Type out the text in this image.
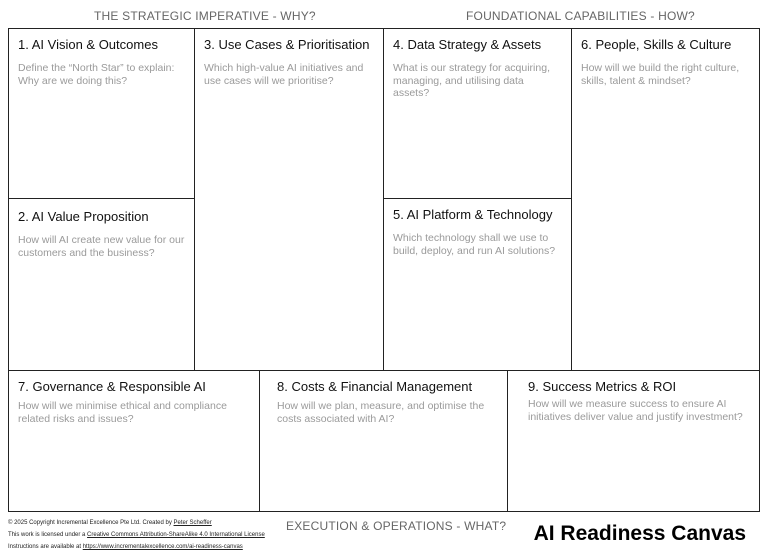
THE STRATEGIC IMPERATIVE - WHY?	FOUNDATIONAL CAPABILITIES - HOW?
1. AI Vision & Outcomes

Define the “North Star” to explain: Why are we doing this?

2. AI Value Proposition

How will AI create new value for our customers and the business?

3. Use Cases & Prioritisation

Which high-value AI initiatives and use cases will we prioritise?

4. Data Strategy & Assets

What is our strategy for acquiring, managing, and utilising data assets?

5. AI Platform & Technology

Which technology shall we use to build, deploy, and run AI solutions?

6. People, Skills & Culture

How will we build the right culture, skills, talent & mindset?

7. Governance & Responsible AI

How will we minimise ethical and compliance related risks and issues?

8. Costs & Financial Management

How will we plan, measure, and optimise the costs associated with AI?

9. Success Metrics & ROI

How will we measure success to ensure AI initiatives deliver value and justify investment?

© 2025 Copyright Incremental Excellence Pte Ltd. Created by Peter Scheffer
This work is licensed under a Creative Commons Attribution-ShareAlike 4.0 International License
Instructions are available at https://www.incrementalexcellence.com/ai-readiness-canvas
EXECUTION & OPERATIONS - WHAT? AI Readiness Canvas
